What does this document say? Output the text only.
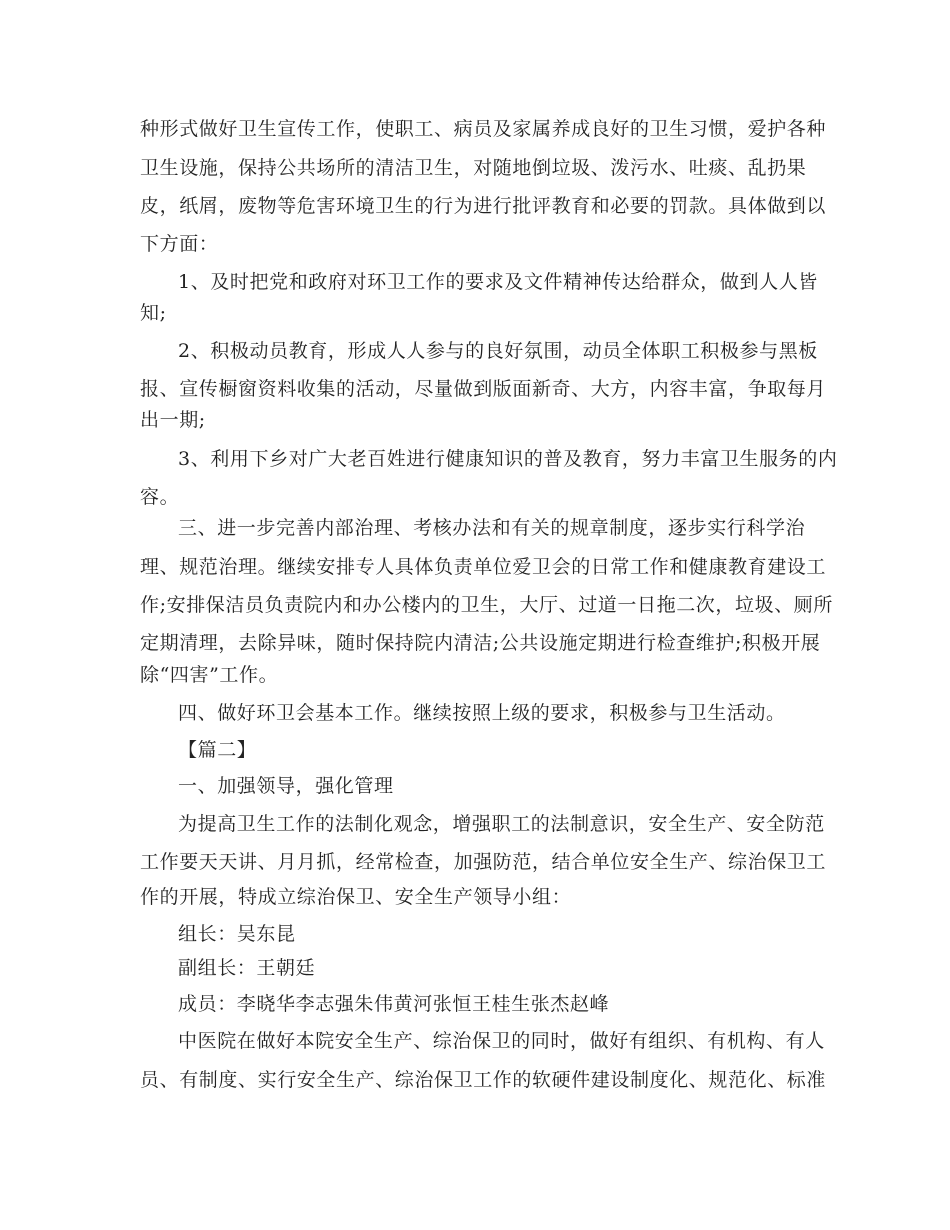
种形式做好卫生宣传工作，使职工、病员及家属养成良好的卫生习惯，爱护各种
卫生设施，保持公共场所的清洁卫生，对随地倒垃圾、泼污水、吐痰、乱扔果
皮，纸屑，废物等危害环境卫生的行为进行批评教育和必要的罚款。具体做到以
下方面：
1、及时把党和政府对环卫工作的要求及文件精神传达给群众，做到人人皆
知;
2、积极动员教育，形成人人参与的良好氛围，动员全体职工积极参与黑板
报、宣传橱窗资料收集的活动，尽量做到版面新奇、大方，内容丰富，争取每月
出一期;
3、利用下乡对广大老百姓进行健康知识的普及教育，努力丰富卫生服务的内
容。
三、进一步完善内部治理、考核办法和有关的规章制度，逐步实行科学治
理、规范治理。继续安排专人具体负责单位爱卫会的日常工作和健康教育建设工
作;安排保洁员负责院内和办公楼内的卫生，大厅、过道一日拖二次，垃圾、厕所
定期清理，去除异味，随时保持院内清洁;公共设施定期进行检查维护;积极开展
除“四害”工作。
四、做好环卫会基本工作。继续按照上级的要求，积极参与卫生活动。
【篇二】
一、加强领导，强化管理
为提高卫生工作的法制化观念，增强职工的法制意识，安全生产、安全防范
工作要天天讲、月月抓，经常检查，加强防范，结合单位安全生产、综治保卫工
作的开展，特成立综治保卫、安全生产领导小组：
组长：吴东昆
副组长：王朝廷
成员：李晓华李志强朱伟黄河张恒王桂生张杰赵峰
中医院在做好本院安全生产、综治保卫的同时，做好有组织、有机构、有人
员、有制度、实行安全生产、综治保卫工作的软硬件建设制度化、规范化、标准
